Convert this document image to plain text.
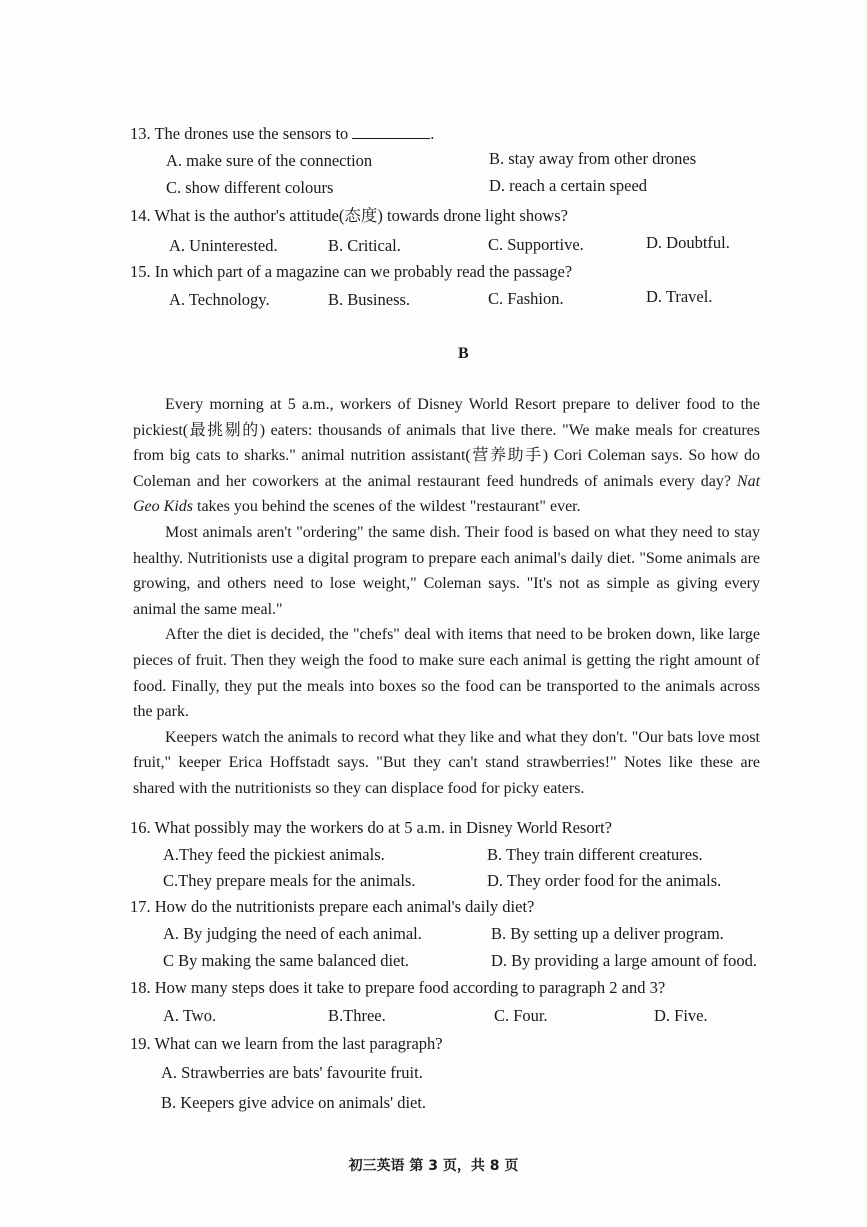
13. The drones use the sensors to	.
A. make sure of the connection	B. stay away from other drones
C. show different colours	D. reach a certain speed
14. What is the author's attitude(态度) towards drone light shows?
A. Uninterested.	B. Critical.	C. Supportive.	D. Doubtful.
15. In which part of a magazine can we probably read the passage?
A. Technology.	B. Business.	C. Fashion.	D. Travel.
B

Every morning at 5 a.m., workers of Disney World Resort prepare to deliver food to the pickiest(最挑剔的) eaters: thousands of animals that live there. "We make meals for creatures from big cats to sharks." animal nutrition assistant(营养助手) Cori Coleman says. So how do Coleman and her coworkers at the animal restaurant feed hundreds of animals every day? Nat Geo Kids takes you behind the scenes of the wildest "restaurant" ever.

Most animals aren't "ordering" the same dish. Their food is based on what they need to stay healthy. Nutritionists use a digital program to prepare each animal's daily diet. "Some animals are growing, and others need to lose weight," Coleman says. "It's not as simple as giving every animal the same meal."

After the diet is decided, the "chefs" deal with items that need to be broken down, like large pieces of fruit. Then they weigh the food to make sure each animal is getting the right amount of food. Finally, they put the meals into boxes so the food can be transported to the animals across the park.

Keepers watch the animals to record what they like and what they don't. "Our bats love most fruit," keeper Erica Hoffstadt says. "But they can't stand strawberries!" Notes like these are shared with the nutritionists so they can displace food for picky eaters.

16. What possibly may the workers do at 5 a.m. in Disney World Resort?
A.They feed the pickiest animals.	B. They train different creatures.
C.They prepare meals for the animals.	D. They order food for the animals.
17. How do the nutritionists prepare each animal's daily diet?
A. By judging the need of each animal.	B. By setting up a deliver program.
C By making the same balanced diet.	D. By providing a large amount of food.
18. How many steps does it take to prepare food according to paragraph 2 and 3?
A. Two.	B.Three.	C. Four.	D. Five.
19. What can we learn from the last paragraph?
A. Strawberries are bats' favourite fruit.
B. Keepers give advice on animals' diet.
初三英语 第 3 页，共 8 页
